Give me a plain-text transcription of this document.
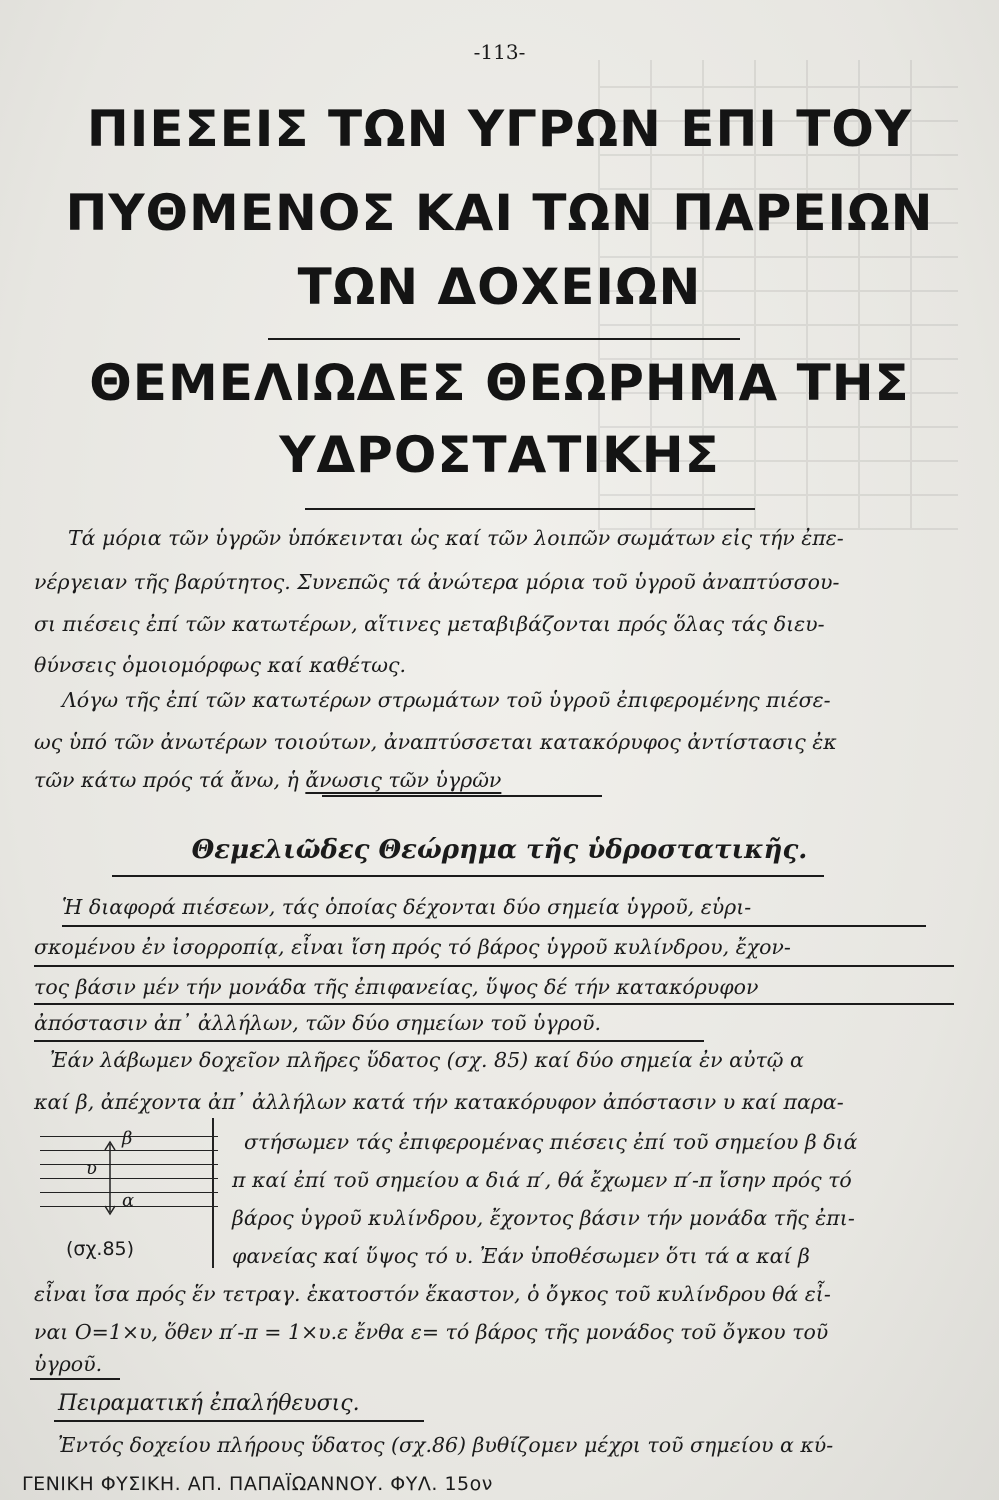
-113-
ΠΙΕΣΕΙΣ ΤΩΝ ΥΓΡΩΝ ΕΠΙ ΤΟΥ
ΠΥΘΜΕΝΟΣ ΚΑΙ ΤΩΝ ΠΑΡΕΙΩΝ
ΤΩΝ ΔΟΧΕΙΩΝ
ΘΕΜΕΛΙΩΔΕΣ ΘΕΩΡΗΜΑ ΤΗΣ
ΥΔΡΟΣΤΑΤΙΚΗΣ
Τά μόρια τῶν ὑγρῶν ὑπόκεινται ὡς καί τῶν λοιπῶν σωμάτων εἰς τήν ἐπε-
νέργειαν τῆς βαρύτητος. Συνεπῶς τά ἀνώτερα μόρια τοῦ ὑγροῦ ἀναπτύσσου-
σι πιέσεις ἐπί τῶν κατωτέρων, αἵτινες μεταβιβάζονται πρός ὅλας τάς διευ-
θύνσεις ὁμοιομόρφως καί καθέτως.
Λόγω τῆς ἐπί τῶν κατωτέρων στρωμάτων τοῦ ὑγροῦ ἐπιφερομένης πιέσε-
ως ὑπό τῶν ἀνωτέρων τοιούτων, ἀναπτύσσεται κατακόρυφος ἀντίστασις ἐκ
τῶν κάτω πρός τά ἄνω, ἡ ἄνωσις τῶν ὑγρῶν
Θεμελιῶδες Θεώρημα τῆς ὑδροστατικῆς.
Ἡ διαφορά πιέσεων, τάς ὁποίας δέχονται δύο σημεία ὑγροῦ, εὑρι-
σκομένου ἐν ἰσορροπίᾳ, εἶναι ἴση πρός τό βάρος ὑγροῦ κυλίνδρου, ἔχον-
τος βάσιν μέν τήν μονάδα τῆς ἐπιφανείας, ὕψος δέ τήν κατακόρυφον
ἀπόστασιν ἀπ᾽ ἀλλήλων, τῶν δύο σημείων τοῦ ὑγροῦ.
Ἐάν λάβωμεν δοχεῖον πλῆρες ὕδατος (σχ. 85) καί δύο σημεία ἐν αὐτῷ α
καί β, ἀπέχοντα ἀπ᾽ ἀλλήλων κατά τήν κατακόρυφον ἀπόστασιν υ καί παρα-
β
υ
α
(σχ.85)
στήσωμεν τάς ἐπιφερομένας πιέσεις ἐπί τοῦ σημείου β διά
π καί ἐπί τοῦ σημείου α διά π′, θά ἔχωμεν π′-π ἴσην πρός τό
βάρος ὑγροῦ κυλίνδρου, ἔχοντος βάσιν τήν μονάδα τῆς ἐπι-
φανείας καί ὕψος τό υ. Ἐάν ὑποθέσωμεν ὅτι τά α καί β
εἶναι ἴσα πρός ἕν τετραγ. ἑκατοστόν ἕκαστον, ὁ ὄγκος τοῦ κυλίνδρου θά εἶ-
ναι Ο=1×υ, ὅθεν π′-π = 1×υ.ε ἔνθα ε= τό βάρος τῆς μονάδος τοῦ ὄγκου τοῦ
ὑγροῦ.
Πειραματική ἐπαλήθευσις.
Ἐντός δοχείου πλήρους ὕδατος (σχ.86) βυθίζομεν μέχρι τοῦ σημείου α κύ-
ΓΕΝΙΚΗ ΦΥΣΙΚΗ. ΑΠ. ΠΑΠΑΪΩΑΝΝΟΥ. ΦΥΛ. 15ον
